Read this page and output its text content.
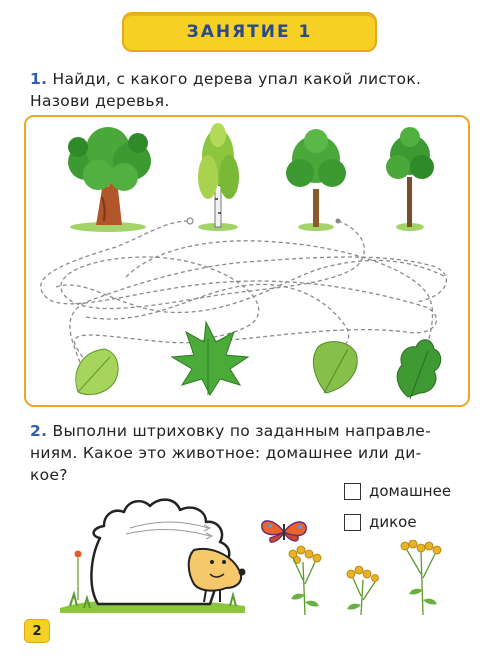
ЗАНЯТИЕ 1
1. Найди, с какого дерева упал какой листок.
Назови деревья.
2. Выполни штриховку по заданным направле-
ниям. Какое это животное: домашнее или ди-
кое?
домашнее
дикое
2
